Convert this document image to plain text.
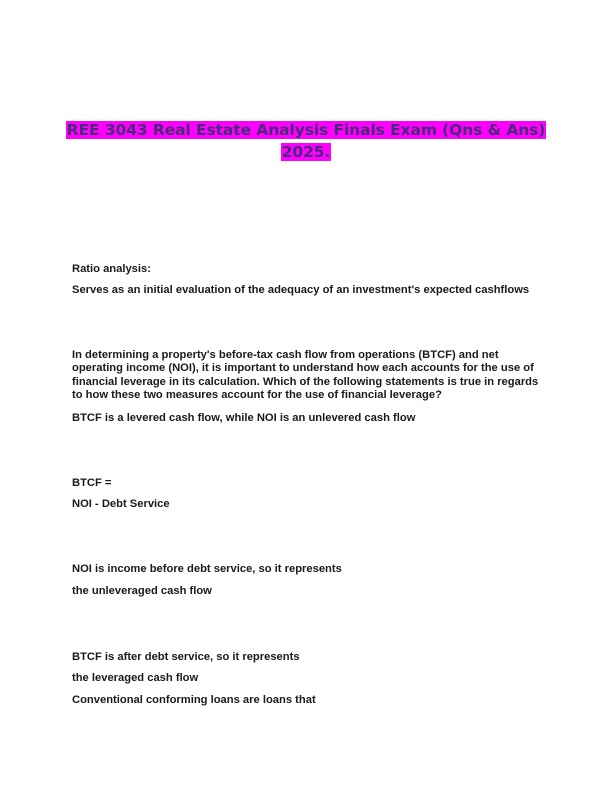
REE 3043 Real Estate Analysis Finals Exam (Qns & Ans)
2025.
Ratio analysis:
Serves as an initial evaluation of the adequacy of an investment's expected cashflows
In determining a property's before-tax cash flow from operations (BTCF) and net
operating income (NOI), it is important to understand how each accounts for the use of
financial leverage in its calculation. Which of the following statements is true in regards
to how these two measures account for the use of financial leverage?
BTCF is a levered cash flow, while NOI is an unlevered cash flow
BTCF =
NOI - Debt Service
NOI is income before debt service, so it represents
the unleveraged cash flow
BTCF is after debt service, so it represents
the leveraged cash flow
Conventional conforming loans are loans that
